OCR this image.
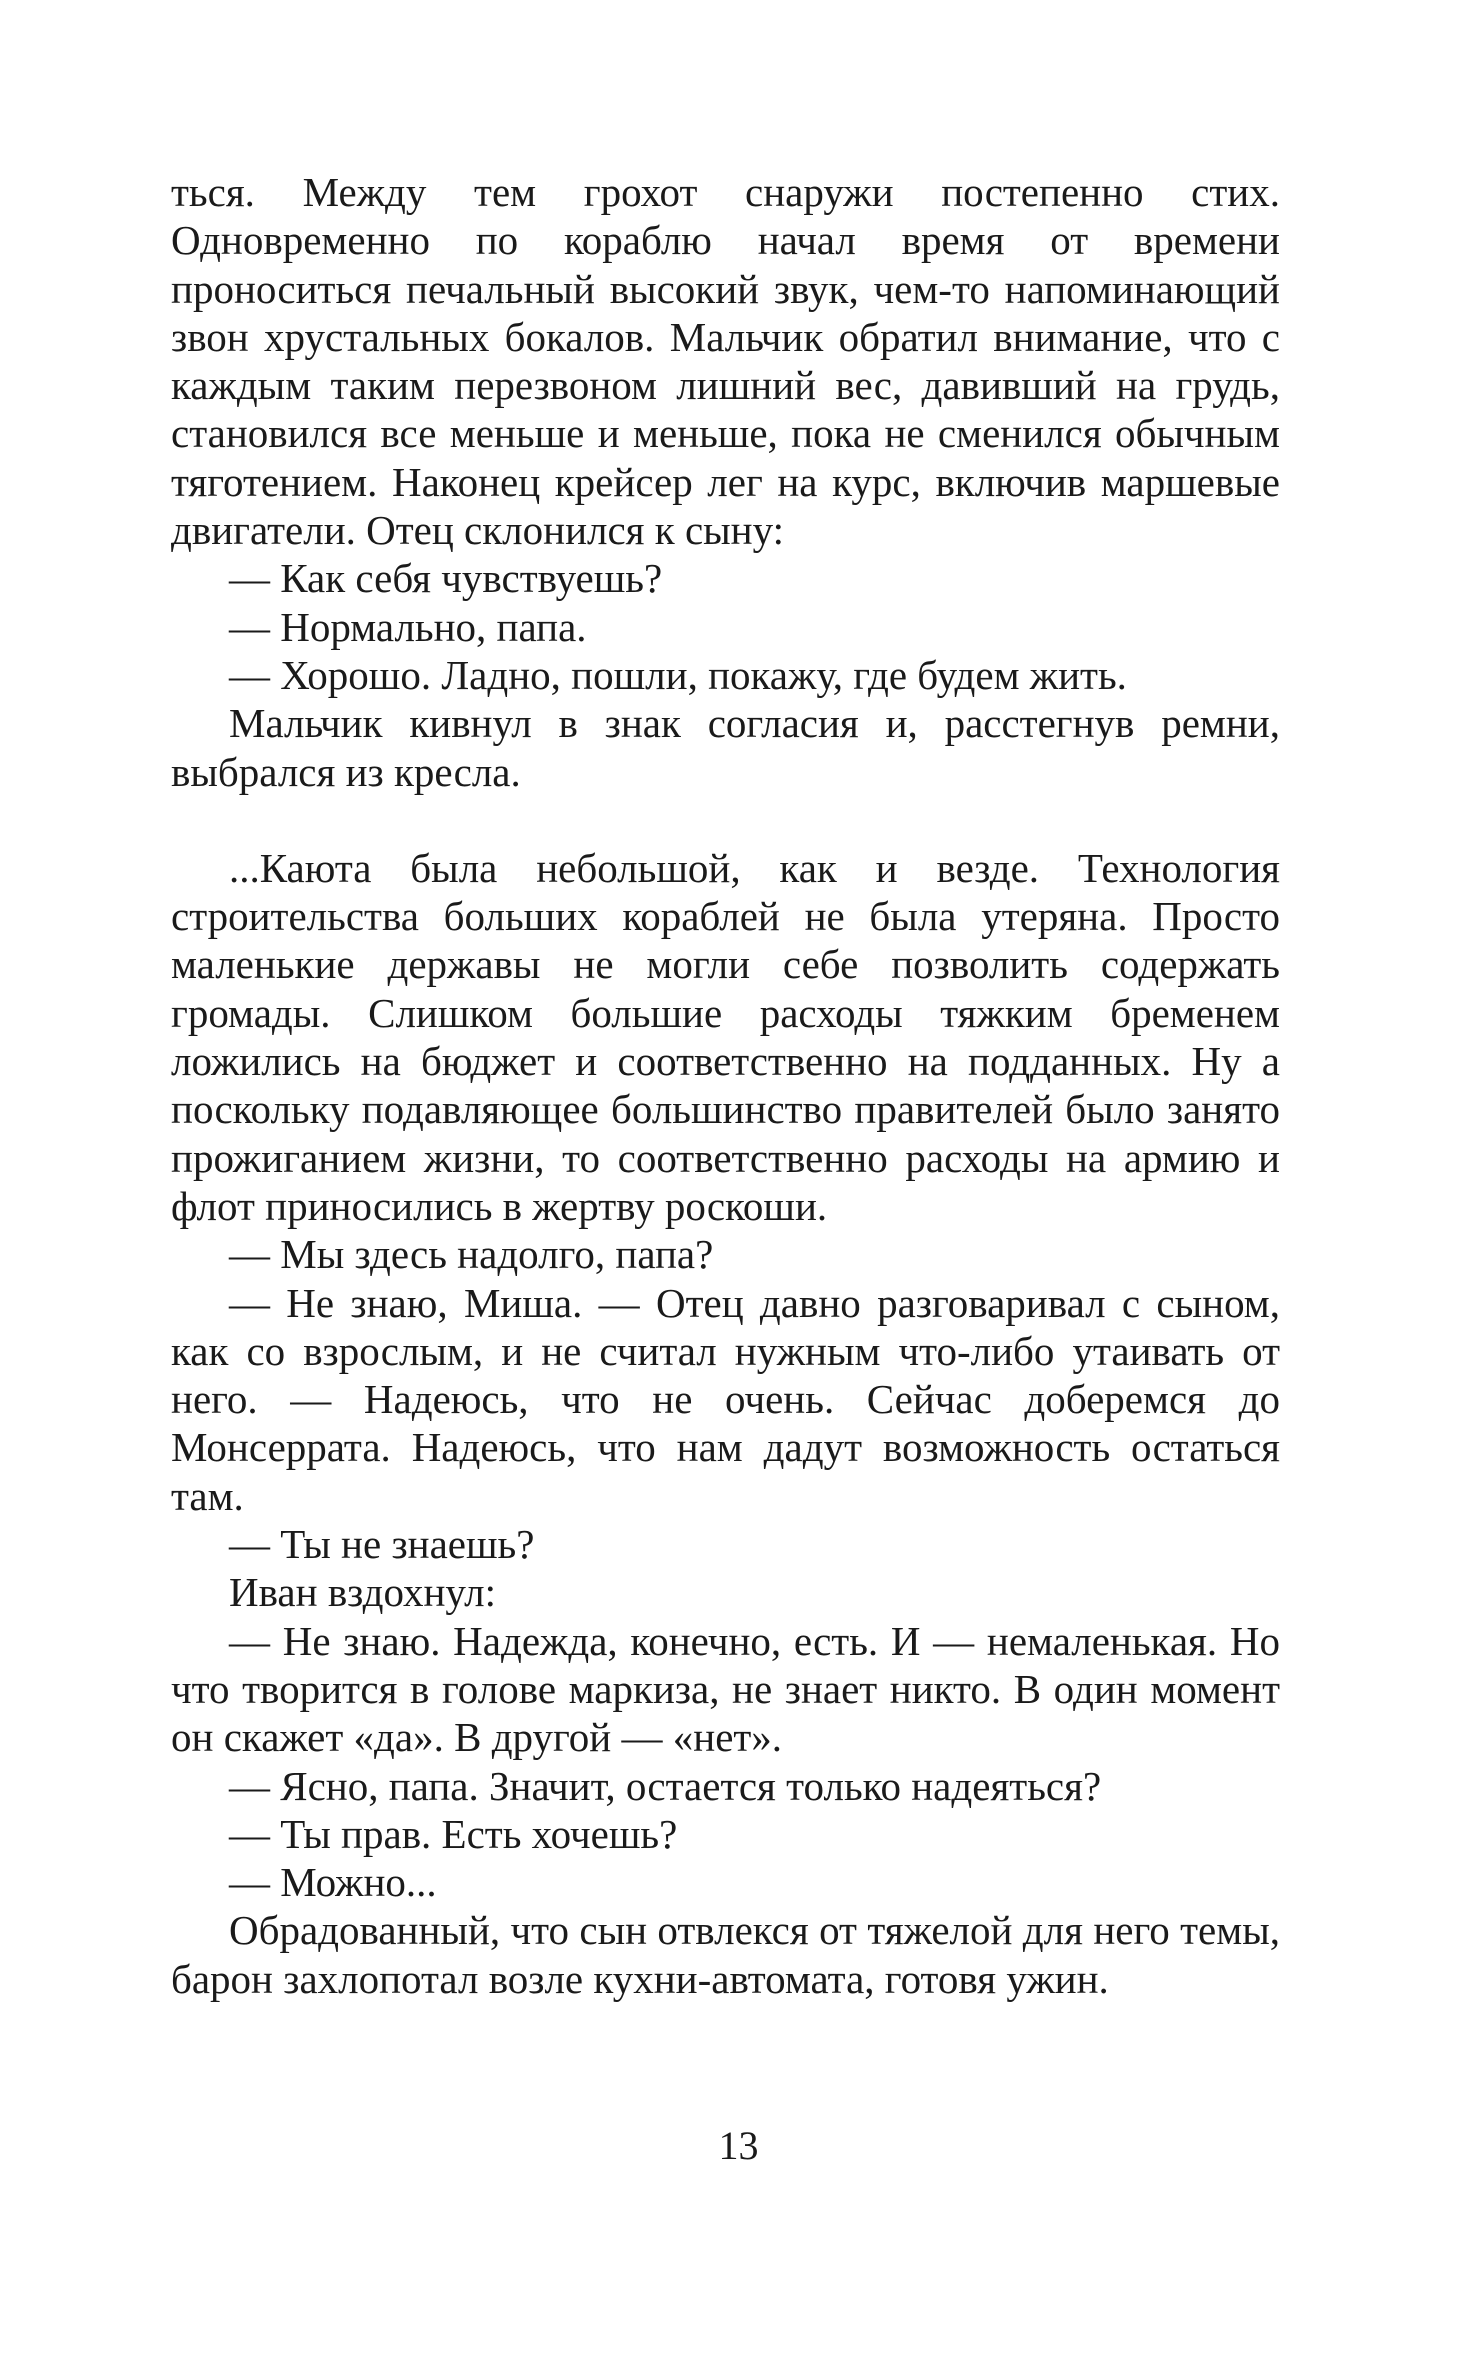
ться. Между тем грохот снаружи постепенно стих. Одновременно по кораблю начал время от времени проноситься печальный высокий звук, чем-то напоминающий звон хрустальных бокалов. Мальчик обратил внимание, что с каждым таким перезвоном лишний вес, давивший на грудь, становился все меньше и меньше, пока не сменился обычным тяготением. Наконец крейсер лег на курс, включив маршевые двигатели. Отец склонился к сыну:

— Как себя чувствуешь?

— Нормально, папа.

— Хорошо. Ладно, пошли, покажу, где будем жить.

Мальчик кивнул в знак согласия и, расстегнув ремни, выбрался из кресла.

...Каюта была небольшой, как и везде. Технология строительства больших кораблей не была утеряна. Просто маленькие державы не могли себе позволить содержать громады. Слишком большие расходы тяжким бременем ложились на бюджет и соответственно на подданных. Ну а поскольку подавляющее большинство правителей было занято прожиганием жизни, то соответственно расходы на армию и флот приносились в жертву роскоши.

— Мы здесь надолго, папа?

— Не знаю, Миша. — Отец давно разговаривал с сыном, как со взрослым, и не считал нужным что-либо утаивать от него. — Надеюсь, что не очень. Сейчас доберемся до Монсеррата. Надеюсь, что нам дадут возможность остаться там.

— Ты не знаешь?

Иван вздохнул:

— Не знаю. Надежда, конечно, есть. И — немаленькая. Но что творится в голове маркиза, не знает никто. В один момент он скажет «да». В другой — «нет».

— Ясно, папа. Значит, остается только надеяться?

— Ты прав. Есть хочешь?

— Можно...

Обрадованный, что сын отвлекся от тяжелой для него темы, барон захлопотал возле кухни-автомата, готовя ужин.

13
